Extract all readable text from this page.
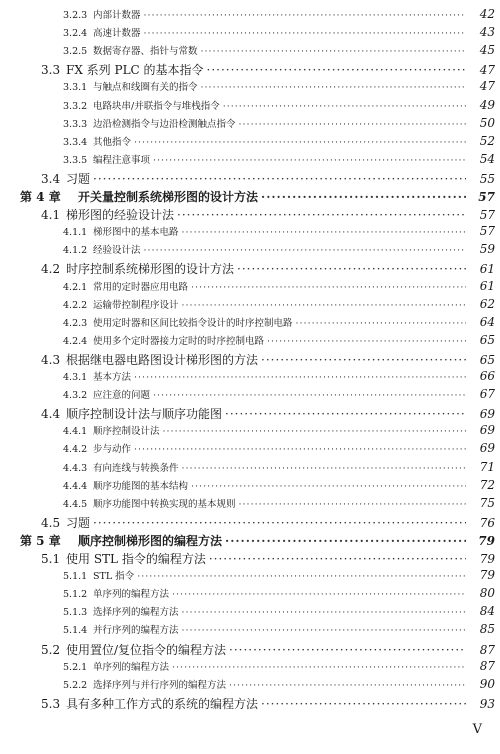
3.2.3 内部计数器 ·····	42
3.2.4 高速计数器 ·····	43
3.2.5 数据寄存器、指针与常数 ·····	45
3.3 FX 系列 PLC 的基本指令 ·····	47
3.3.1 与触点和线圈有关的指令 ·····	47
3.3.2 电路块串/并联指令与堆栈指令 ·····	49
3.3.3 边沿检测指令与边沿检测触点指令 ·····	50
3.3.4 其他指令 ·····	52
3.3.5 编程注意事项 ·····	54
3.4 习题 ·····	55
第 4 章	开关量控制系统梯形图的设计方法 ·····	57
4.1 梯形图的经验设计法 ·····	57
4.1.1 梯形图中的基本电路 ·····	57
4.1.2 经验设计法 ·····	59
4.2 时序控制系统梯形图的设计方法 ·····	61
4.2.1 常用的定时器应用电路 ·····	61
4.2.2 运输带控制程序设计 ·····	62
4.2.3 使用定时器和区间比较指令设计的时序控制电路 ·····	64
4.2.4 使用多个定时器接力定时的时序控制电路 ·····	65
4.3 根据继电器电路图设计梯形图的方法 ·····	65
4.3.1 基本方法 ·····	66
4.3.2 应注意的问题 ·····	67
4.4 顺序控制设计法与顺序功能图 ·····	69
4.4.1 顺序控制设计法 ·····	69
4.4.2 步与动作 ·····	69
4.4.3 有向连线与转换条件 ·····	71
4.4.4 顺序功能图的基本结构 ·····	72
4.4.5 顺序功能图中转换实现的基本规则 ·····	75
4.5 习题 ·····	76
第 5 章	顺序控制梯形图的编程方法 ·····	79
5.1 使用 STL 指令的编程方法 ·····	79
5.1.1 STL 指令 ·····	79
5.1.2 单序列的编程方法 ·····	80
5.1.3 选择序列的编程方法 ·····	84
5.1.4 并行序列的编程方法 ·····	85
5.2 使用置位/复位指令的编程方法 ·····	87
5.2.1 单序列的编程方法 ·····	87
5.2.2 选择序列与并行序列的编程方法 ·····	90
5.3 具有多种工作方式的系统的编程方法 ·····	93
V
